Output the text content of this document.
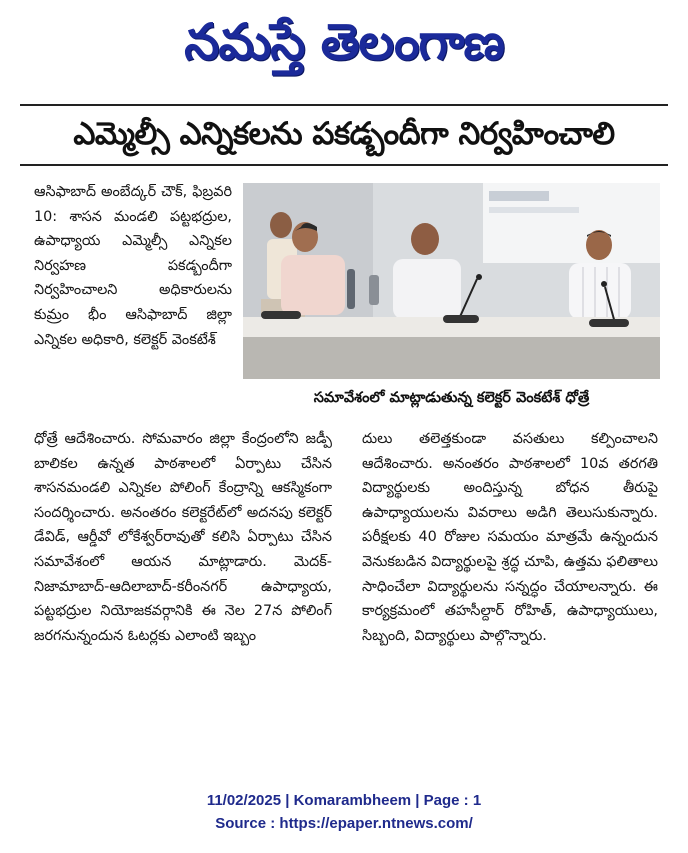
నమస్తే తెలంగాణ
ఎమ్మెల్సీ ఎన్నికలను పకడ్బందీగా నిర్వహించాలి
ఆసిఫాబాద్ అంబేద్కర్ చౌక్, ఫిబ్రవరి 10: శాసన మండలి పట్టభద్రుల, ఉపాధ్యాయ ఎమ్మెల్సీ ఎన్నికల నిర్వహణ పకడ్బందీగా నిర్వహించాలని అధికారులను కుమ్రం భీం ఆసిఫాబాద్ జిల్లా ఎన్నికల అధికారి, కలెక్టర్ వెంకటేశ్
సమావేశంలో మాట్లాడుతున్న కలెక్టర్ వెంకటేశ్ ధోత్రే
ధోత్రే ఆదేశించారు. సోమవారం జిల్లా కేంద్రంలోని జడ్పీ బాలికల ఉన్నత పాఠశాలలో ఏర్పాటు చేసిన శాసనమండలి ఎన్నికల పోలింగ్ కేంద్రాన్ని ఆకస్మికంగా సందర్శించారు. అనంతరం కలెక్టరేట్‌లో అదనపు కలెక్టర్ డేవిడ్, ఆర్డీవో లోకేశ్వర్‌రావుతో కలిసి ఏర్పాటు చేసిన సమావేశంలో ఆయన మాట్లాడారు. మెదక్-నిజామాబాద్-ఆదిలాబాద్-కరీంనగర్ ఉపాధ్యాయ, పట్టభద్రుల నియోజకవర్గానికి ఈ నెల 27న పోలింగ్ జరగనున్నందున ఓటర్లకు ఎలాంటి ఇబ్బం
దులు తలెత్తకుండా వసతులు కల్పించాలని ఆదేశించారు. అనంతరం పాఠశాలలో 10వ తరగతి విద్యార్థులకు అందిస్తున్న బోధన తీరుపై ఉపాధ్యాయులను వివరాలు అడిగి తెలుసుకున్నారు. పరీక్షలకు 40 రోజుల సమయం మాత్రమే ఉన్నందున వెనుకబడిన విద్యార్థులపై శ్రద్ధ చూపి, ఉత్తమ ఫలితాలు సాధించేలా విద్యార్థులను సన్నద్ధం చేయాలన్నారు. ఈ కార్యక్రమంలో తహసీల్దార్ రోహిత్, ఉపాధ్యాయులు, సిబ్బంది, విద్యార్థులు పాల్గొన్నారు.
11/02/2025 | Komarambheem | Page : 1
Source : https://epaper.ntnews.com/
